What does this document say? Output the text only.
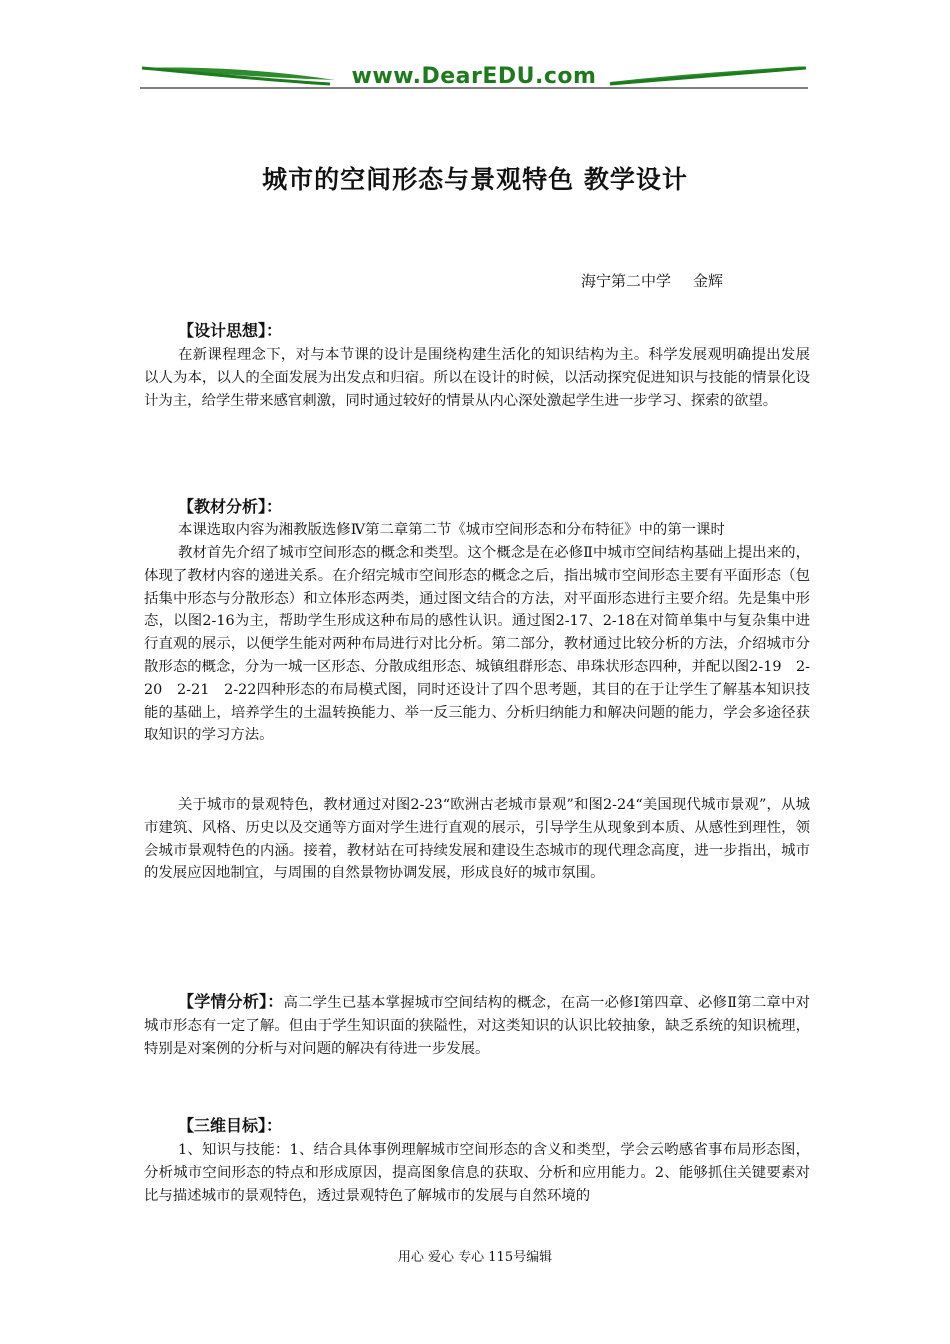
www.DearEDU.com
城市的空间形态与景观特色 教学设计
海宁第二中学 金辉
【设计思想】：

在新课程理念下，对与本节课的设计是围绕构建生活化的知识结构为主。科学发展观明确提出发展以人为本，以人的全面发展为出发点和归宿。所以在设计的时候，以活动探究促进知识与技能的情景化设计为主，给学生带来感官刺激，同时通过较好的情景从内心深处激起学生进一步学习、探索的欲望。

【教材分析】：

本课选取内容为湘教版选修Ⅳ第二章第二节《城市空间形态和分布特征》中的第一课时

教材首先介绍了城市空间形态的概念和类型。这个概念是在必修Ⅱ中城市空间结构基础上提出来的，体现了教材内容的递进关系。在介绍完城市空间形态的概念之后，指出城市空间形态主要有平面形态（包括集中形态与分散形态）和立体形态两类，通过图文结合的方法，对平面形态进行主要介绍。先是集中形态，以图2-16为主，帮助学生形成这种布局的感性认识。通过图2-17、2-18在对简单集中与复杂集中进行直观的展示，以便学生能对两种布局进行对比分析。第二部分，教材通过比较分析的方法，介绍城市分散形态的概念，分为一城一区形态、分散成组形态、城镇组群形态、串珠状形态四种，并配以图2-19　2-20　2-21　2-22四种形态的布局模式图，同时还设计了四个思考题，其目的在于让学生了解基本知识技能的基础上，培养学生的土温转换能力、举一反三能力、分析归纳能力和解决问题的能力，学会多途径获取知识的学习方法。

关于城市的景观特色，教材通过对图2-23“欧洲古老城市景观”和图2-24“美国现代城市景观”，从城市建筑、风格、历史以及交通等方面对学生进行直观的展示，引导学生从现象到本质、从感性到理性，领会城市景观特色的内涵。接着，教材站在可持续发展和建设生态城市的现代理念高度，进一步指出，城市的发展应因地制宜，与周围的自然景物协调发展，形成良好的城市氛围。

【学情分析】：高二学生已基本掌握城市空间结构的概念，在高一必修Ⅰ第四章、必修Ⅱ第二章中对城市形态有一定了解。但由于学生知识面的狭隘性，对这类知识的认识比较抽象，缺乏系统的知识梳理，特别是对案例的分析与对问题的解决有待进一步发展。

【三维目标】：

1、知识与技能：1、结合具体事例理解城市空间形态的含义和类型，学会云哟感省事布局形态图，分析城市空间形态的特点和形成原因，提高图象信息的获取、分析和应用能力。2、能够抓住关键要素对比与描述城市的景观特色，透过景观特色了解城市的发展与自然环境的

用心 爱心 专心 115号编辑
